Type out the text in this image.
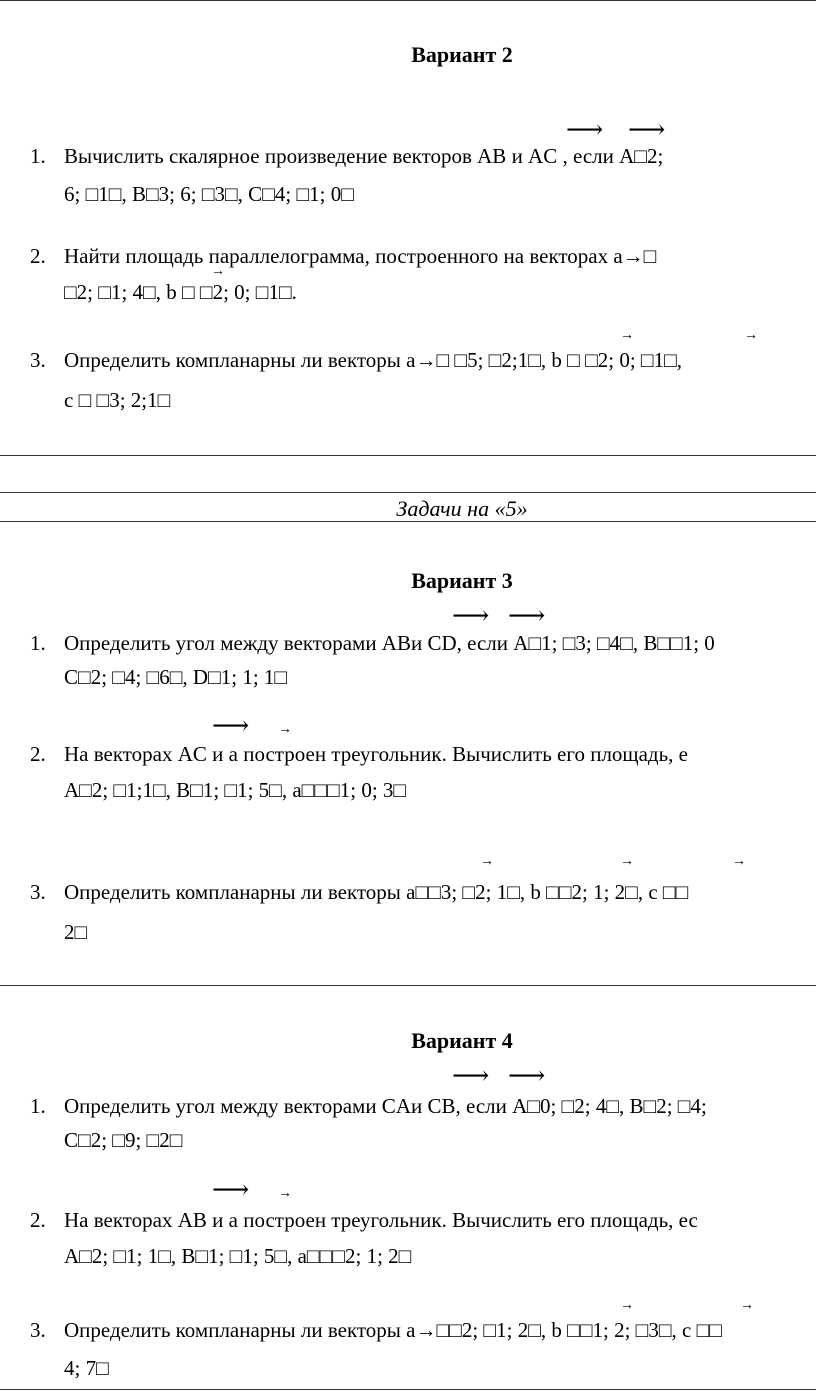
Вариант 2
1. Вычислить скалярное произведение векторов AB и AC , если A□2;
6; □1□, B□3; 6; □3□, C□4; □1; 0□
⟶ ⟶
2. Найти площадь параллелограмма, построенного на векторах a→□
□2; □1; 4□, b □ □2; 0; □1□.
→
3. Определить компланарны ли векторы a→□ □5; □2;1□, b □ □2; 0; □1□,
c □ □3; 2;1□
→	→
Задачи на «5»
Вариант 3
1. Определить угол между векторами ABи CD, если A□1; □3; □4□, B□□1; 0
C□2; □4; □6□, D□1; 1; 1□
⟶ ⟶
2. На векторах AC и a построен треугольник. Вычислить его площадь, е
A□2; □1;1□, B□1; □1; 5□, a□□□1; 0; 3□
⟶ →
3. Определить компланарны ли векторы a□□3; □2; 1□, b □□2; 1; 2□, c □□
2□
→	→	→
Вариант 4
1. Определить угол между векторами CAи CB, если A□0; □2; 4□, B□2; □4;
C□2; □9; □2□
⟶ ⟶
2. На векторах AB и a построен треугольник. Вычислить его площадь, ес
A□2; □1; 1□, B□1; □1; 5□, a□□□2; 1; 2□
⟶ →
3. Определить компланарны ли векторы a→□□2; □1; 2□, b □□1; 2; □3□, c □□
4; 7□
→	→
